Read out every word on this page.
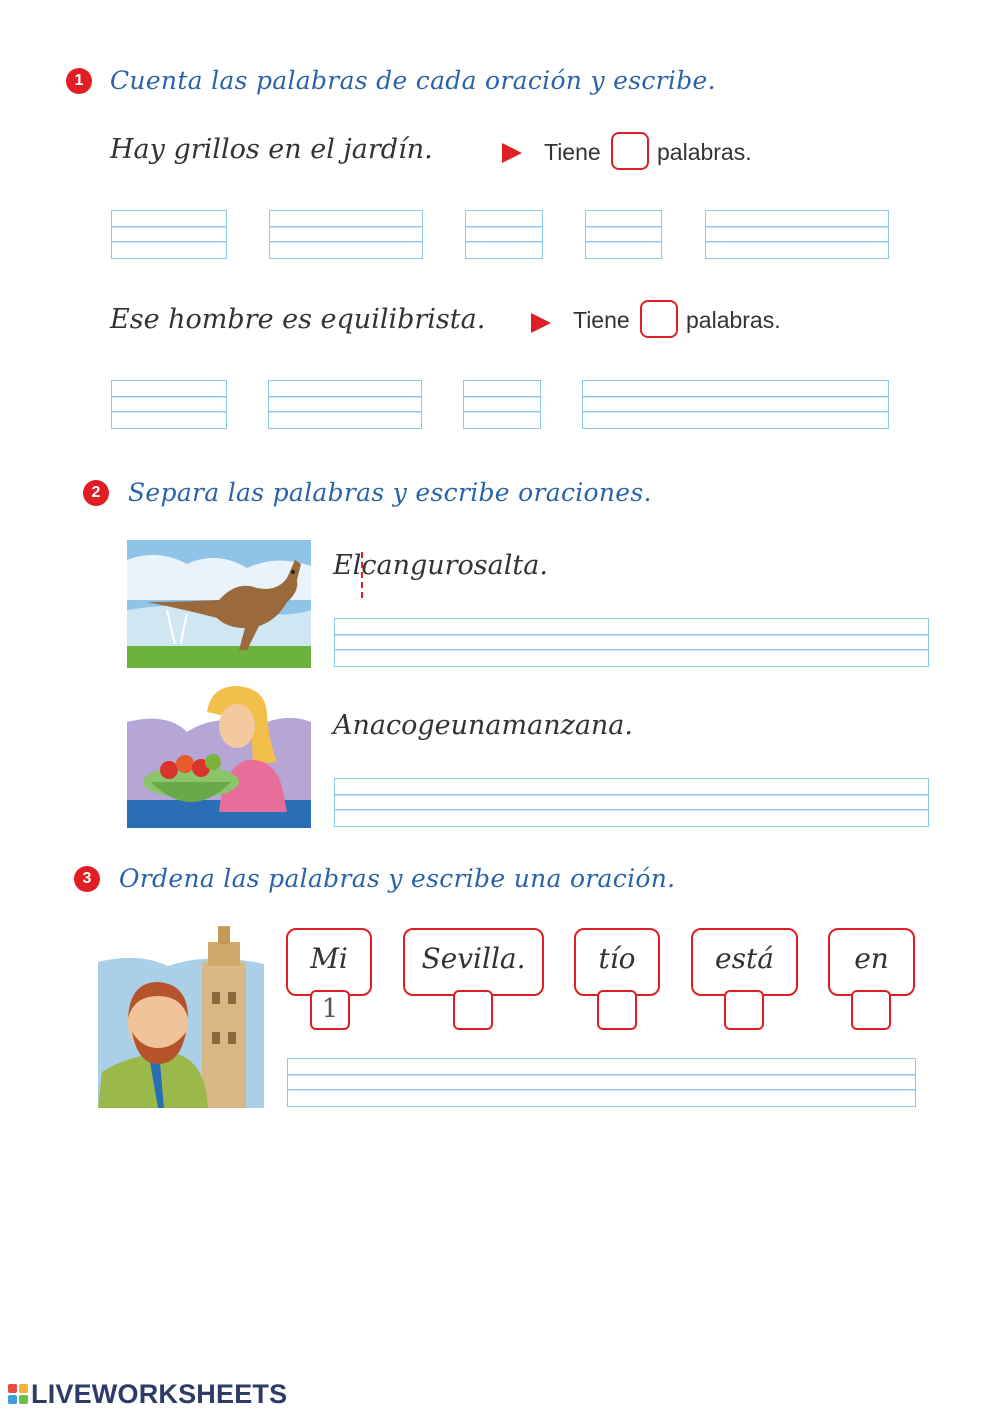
1	Cuenta las palabras de cada oración y escribe.
Hay grillos en el jardín.	Tiene palabras.
Ese hombre es equilibrista.	Tiene palabras.
2	Separa las palabras y escribe oraciones.
Elcangurosalta.
Anacogeunamanzana.
3	Ordena las palabras y escribe una oración.
Mi
1
Sevilla.	tío	está	en
LIVEWORKSHEETS
